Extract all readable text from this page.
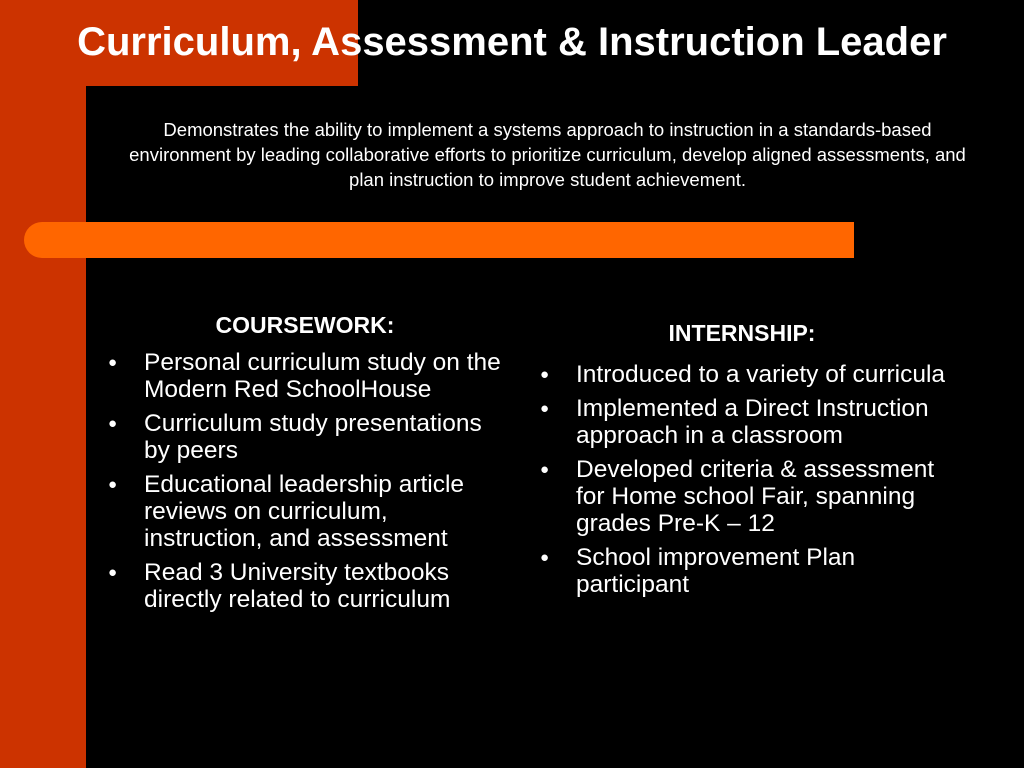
Curriculum, Assessment & Instruction Leader
Demonstrates the ability to implement a systems approach to instruction in a standards-based environment by leading collaborative efforts to prioritize curriculum, develop aligned assessments, and plan instruction to improve student achievement.
COURSEWORK:
● Personal curriculum study on the Modern Red SchoolHouse
● Curriculum study presentations by peers
● Educational leadership article reviews on curriculum, instruction, and assessment
● Read 3 University textbooks directly related to curriculum
INTERNSHIP:
● Introduced to a variety of curricula
● Implemented a Direct Instruction approach in a classroom
● Developed criteria & assessment for Home school Fair, spanning grades Pre-K – 12
● School improvement Plan participant
